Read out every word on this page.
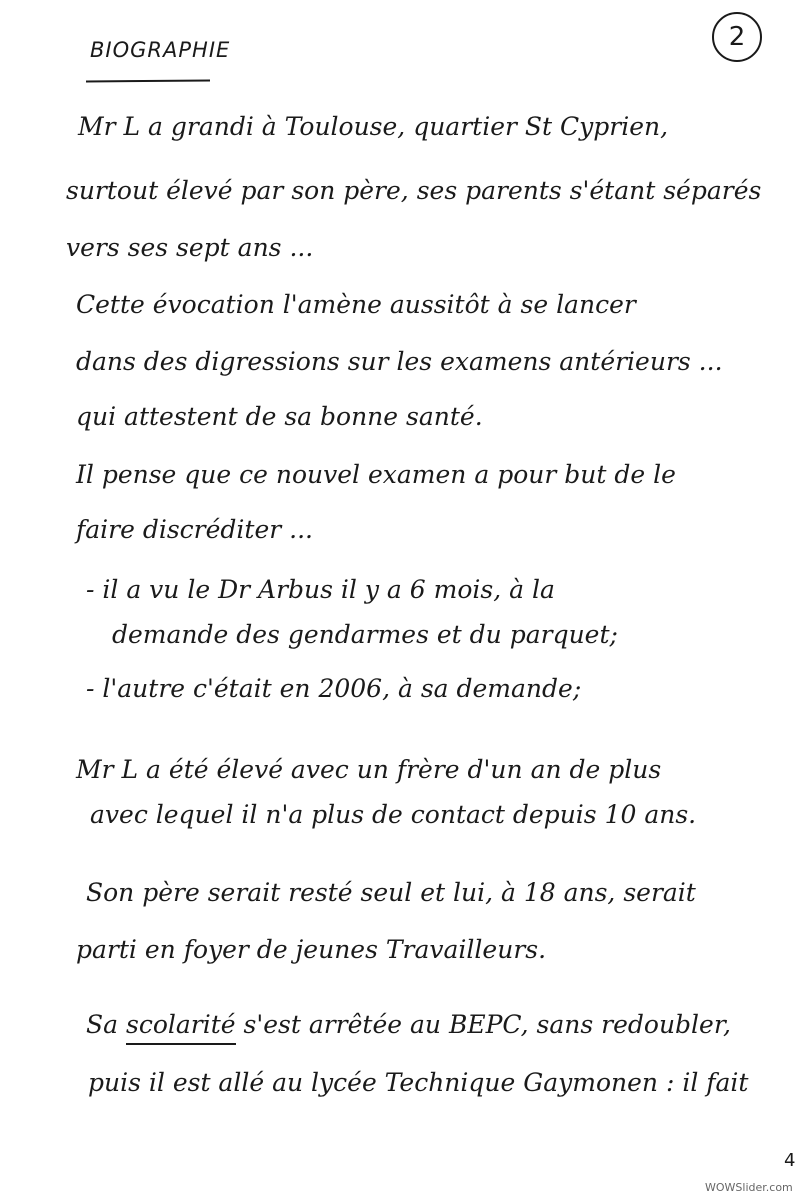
BIOGRAPHIE	2
Mr L a grandi à Toulouse, quartier St Cyprien,
surtout élevé par son père, ses parents s'étant séparés
vers ses sept ans ...
Cette évocation l'amène aussitôt à se lancer
dans des digressions sur les examens antérieurs ...
qui attestent de sa bonne santé.
Il pense que ce nouvel examen a pour but de le
faire discréditer ...
- il a vu le Dr Arbus il y a 6 mois, à la
demande des gendarmes et du parquet;
- l'autre c'était en 2006, à sa demande;
Mr L a été élevé avec un frère d'un an de plus
avec lequel il n'a plus de contact depuis 10 ans.
Son père serait resté seul et lui, à 18 ans, serait
parti en foyer de jeunes Travailleurs.
Sa scolarité s'est arrêtée au BEPC, sans redoubler,
puis il est allé au lycée Technique Gaymonen : il fait
4
WOWSlider.com
